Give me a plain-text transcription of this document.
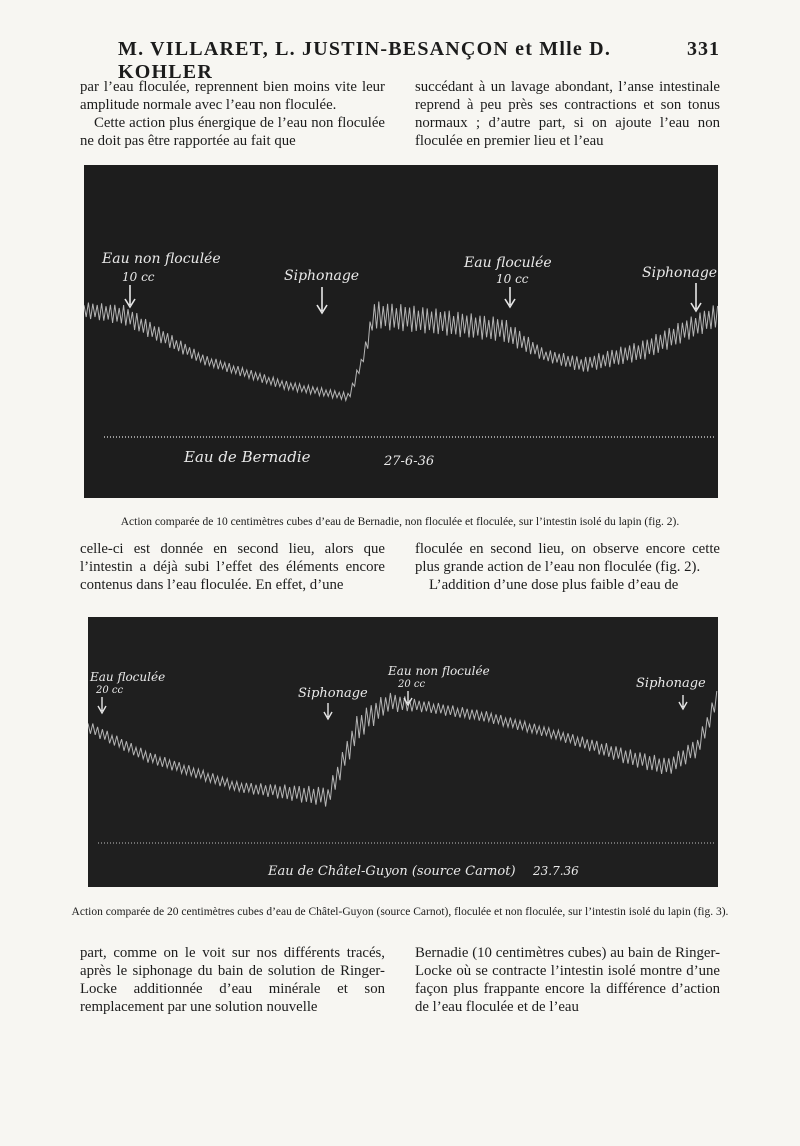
M. VILLARET, L. JUSTIN-BESANÇON et Mlle D. KOHLER
331

par l’eau floculée, reprennent bien moins vite leur amplitude normale avec l’eau non floculée.

Cette action plus énergique de l’eau non floculée ne doit pas être rapportée au fait que

succédant à un lavage abondant, l’anse intestinale reprend à peu près ses contractions et son tonus normaux ; d’autre part, si on ajoute l’eau non floculée en premier lieu et l’eau

Eau non floculée
10 cc	Siphonage
Eau floculée
10 cc	Siphonage
Eau de Bernadie	27-6-36

Action comparée de 10 centimètres cubes d’eau de Bernadie, non floculée et floculée, sur l’intestin isolé du lapin (fig. 2).

celle-ci est donnée en second lieu, alors que l’intestin a déjà subi l’effet des éléments encore contenus dans l’eau floculée. En effet, d’une

floculée en second lieu, on observe encore cette plus grande action de l’eau non floculée (fig. 2).

L’addition d’une dose plus faible d’eau de

Eau floculée
20 cc	Siphonage
Eau non floculée
20 cc	Siphonage
Eau de Châtel-Guyon (source Carnot) 23.7.36

Action comparée de 20 centimètres cubes d’eau de Châtel-Guyon (source Carnot), floculée et non floculée, sur l’intestin isolé du lapin (fig. 3).

part, comme on le voit sur nos différents tracés, après le siphonage du bain de solution de Ringer-Locke additionnée d’eau minérale et son remplacement par une solution nouvelle

Bernadie (10 centimètres cubes) au bain de Ringer-Locke où se contracte l’intestin isolé montre d’une façon plus frappante encore la différence d’action de l’eau floculée et de l’eau
